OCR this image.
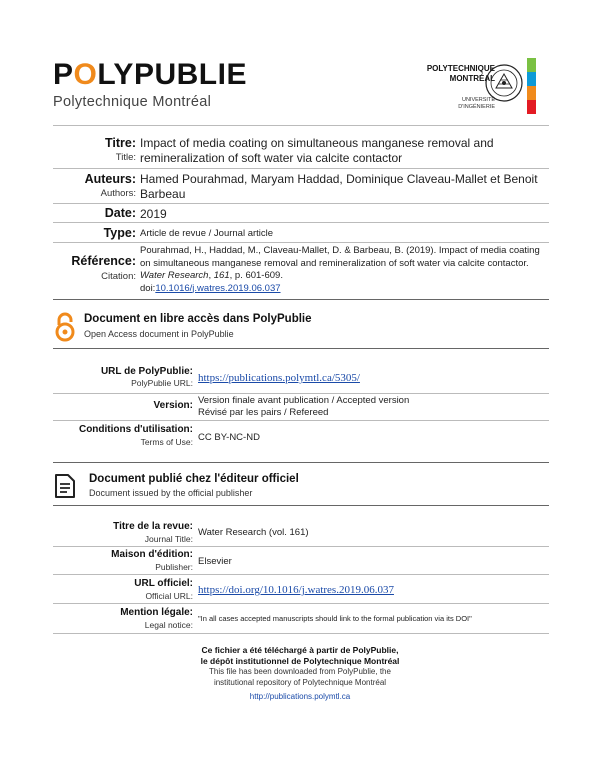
POLYPUBLIE
Polytechnique Montréal
POLYTECHNIQUE
MONTRÉAL
UNIVERSITÉ
D'INGÉNIERIE
Titre:
Title:
Impact of media coating on simultaneous manganese removal and remineralization of soft water via calcite contactor
Auteurs:
Authors:
Hamed Pourahmad, Maryam Haddad, Dominique Claveau-Mallet et Benoit Barbeau
Date: 2019
Type: Article de revue / Journal article
Référence:
Citation:
Pourahmad, H., Haddad, M., Claveau-Mallet, D. & Barbeau, B. (2019). Impact of media coating on simultaneous manganese removal and remineralization of soft water via calcite contactor. Water Research, 161, p. 601-609.
doi:10.1016/j.watres.2019.06.037
Document en libre accès dans PolyPublie
Open Access document in PolyPublie
URL de PolyPublie:
PolyPublie URL: https://publications.polymtl.ca/5305/
Version: Version finale avant publication / Accepted version
Révisé par les pairs / Refereed
Conditions d'utilisation:
Terms of Use: CC BY-NC-ND
Document publié chez l'éditeur officiel
Document issued by the official publisher
Titre de la revue:
Journal Title:
Water Research (vol. 161)
Maison d'édition:
Publisher: Elsevier
URL officiel:
Official URL: https://doi.org/10.1016/j.watres.2019.06.037
Mention légale:
Legal notice:
"In all cases accepted manuscripts should link to the formal publication via its DOI"
Ce fichier a été téléchargé à partir de PolyPublie,
le dépôt institutionnel de Polytechnique Montréal
This file has been downloaded from PolyPublie, the
institutional repository of Polytechnique Montréal
http://publications.polymtl.ca
